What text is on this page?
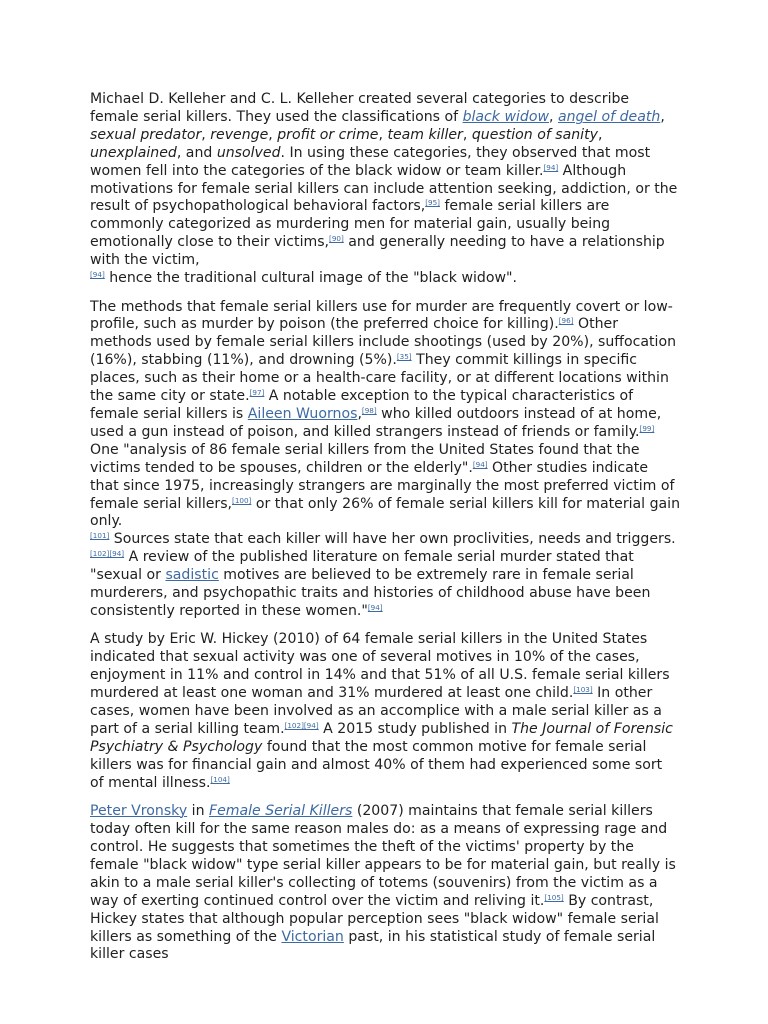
Michael D. Kelleher and C. L. Kelleher created several categories to describe female serial killers. They used the classifications of black widow, angel of death, sexual predator, revenge, profit or crime, team killer, question of sanity, unexplained, and unsolved. In using these categories, they observed that most women fell into the categories of the black widow or team killer.[94] Although motivations for female serial killers can include attention seeking, addiction, or the result of psychopathological behavioral factors,[95] female serial killers are commonly categorized as murdering men for material gain, usually being emotionally close to their victims,[90] and generally needing to have a relationship with the victim,
[94] hence the traditional cultural image of the "black widow".

The methods that female serial killers use for murder are frequently covert or low-profile, such as murder by poison (the preferred choice for killing).[96] Other methods used by female serial killers include shootings (used by 20%), suffocation (16%), stabbing (11%), and drowning (5%).[35] They commit killings in specific places, such as their home or a health-care facility, or at different locations within the same city or state.[97] A notable exception to the typical characteristics of female serial killers is Aileen Wuornos,[98] who killed outdoors instead of at home, used a gun instead of poison, and killed strangers instead of friends or family.[99] One "analysis of 86 female serial killers from the United States found that the victims tended to be spouses, children or the elderly".[94] Other studies indicate that since 1975, increasingly strangers are marginally the most preferred victim of female serial killers,[100] or that only 26% of female serial killers kill for material gain only.
[101] Sources state that each killer will have her own proclivities, needs and triggers.
[102][94] A review of the published literature on female serial murder stated that "sexual or sadistic motives are believed to be extremely rare in female serial murderers, and psychopathic traits and histories of childhood abuse have been consistently reported in these women."[94]

A study by Eric W. Hickey (2010) of 64 female serial killers in the United States indicated that sexual activity was one of several motives in 10% of the cases, enjoyment in 11% and control in 14% and that 51% of all U.S. female serial killers murdered at least one woman and 31% murdered at least one child.[103] In other cases, women have been involved as an accomplice with a male serial killer as a part of a serial killing team.[102][94] A 2015 study published in The Journal of Forensic Psychiatry & Psychology found that the most common motive for female serial killers was for financial gain and almost 40% of them had experienced some sort of mental illness.[104]

Peter Vronsky in Female Serial Killers (2007) maintains that female serial killers today often kill for the same reason males do: as a means of expressing rage and control. He suggests that sometimes the theft of the victims' property by the female "black widow" type serial killer appears to be for material gain, but really is akin to a male serial killer's collecting of totems (souvenirs) from the victim as a way of exerting continued control over the victim and reliving it.[105] By contrast, Hickey states that although popular perception sees "black widow" female serial killers as something of the Victorian past, in his statistical study of female serial killer cases
